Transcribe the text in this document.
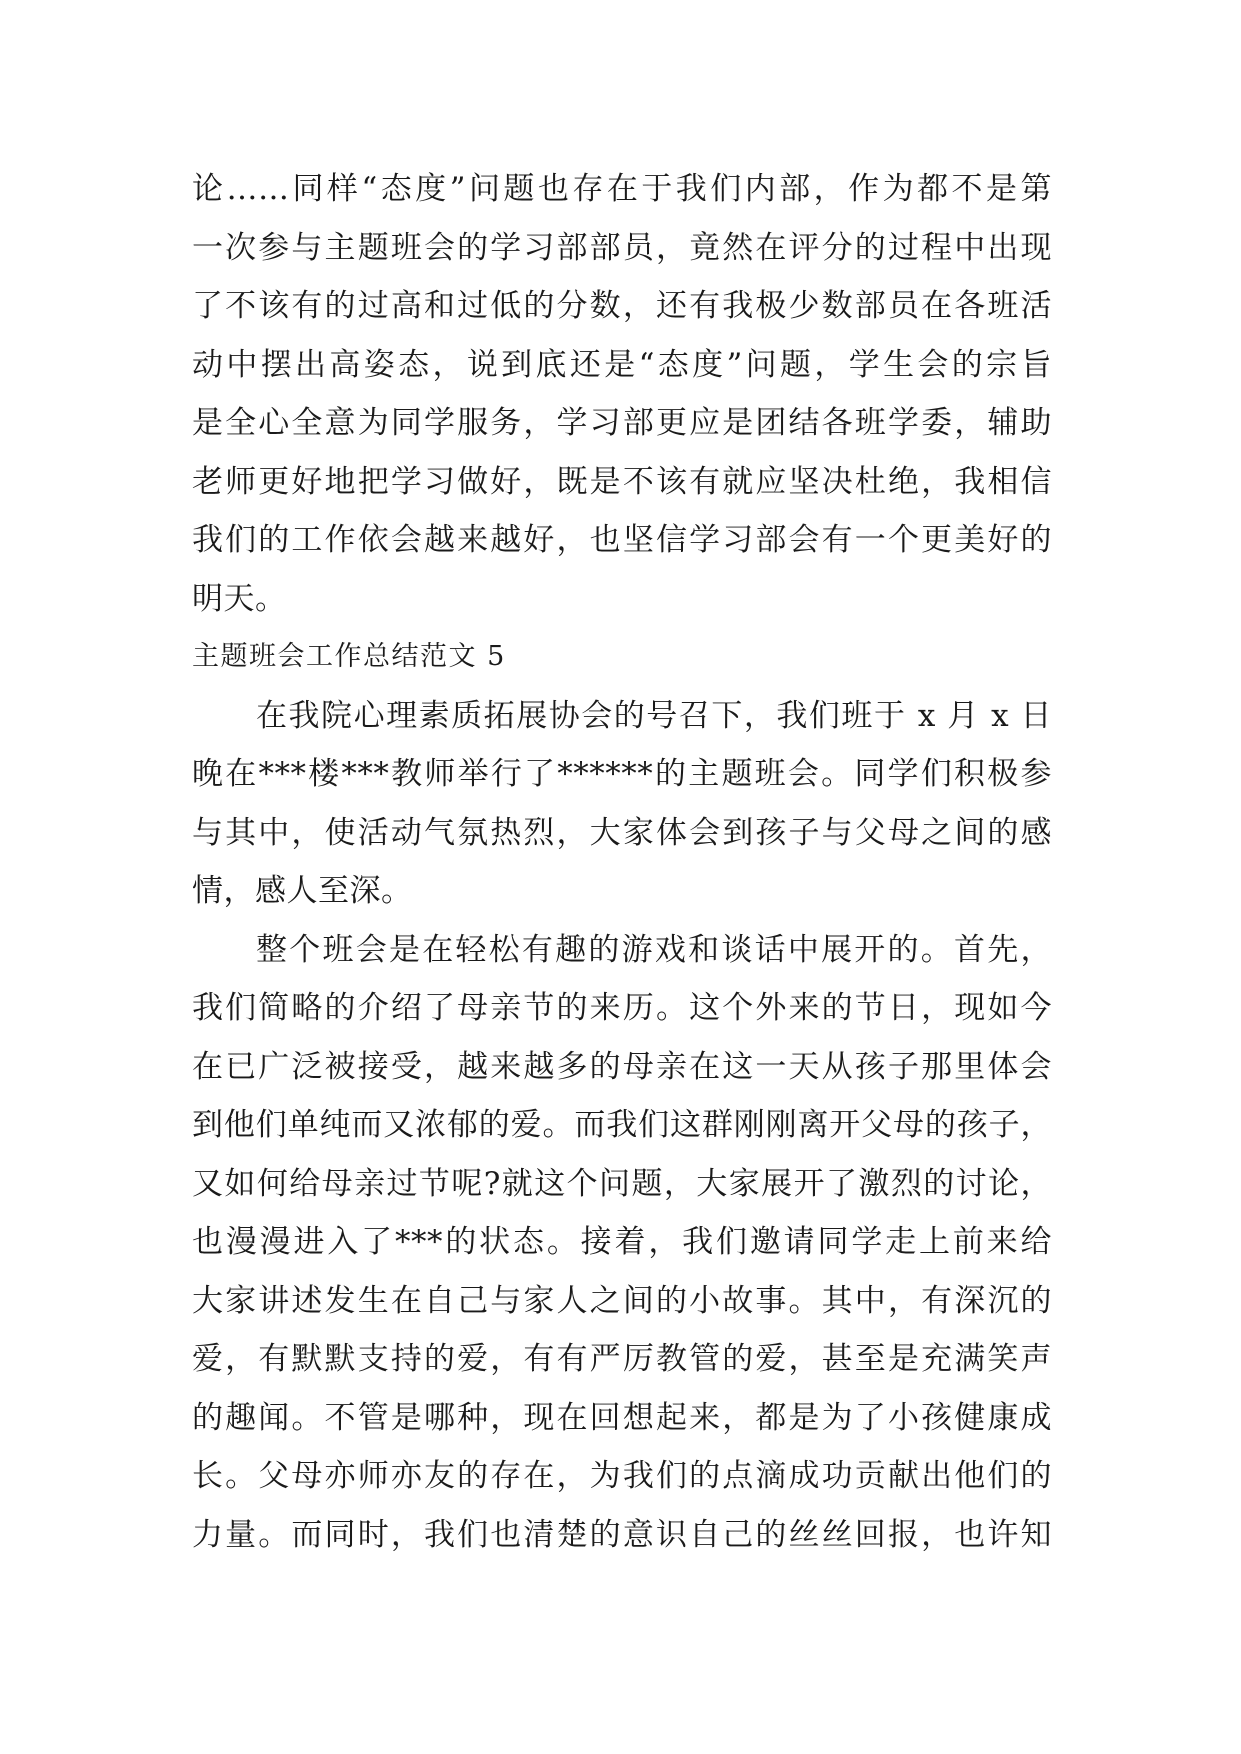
论……同样“态度”问题也存在于我们内部，作为都不是第
一次参与主题班会的学习部部员，竟然在评分的过程中出现
了不该有的过高和过低的分数，还有我极少数部员在各班活
动中摆出高姿态，说到底还是“态度”问题，学生会的宗旨
是全心全意为同学服务，学习部更应是团结各班学委，辅助
老师更好地把学习做好，既是不该有就应坚决杜绝，我相信
我们的工作依会越来越好，也坚信学习部会有一个更美好的
明天。
主题班会工作总结范文 5
在我院心理素质拓展协会的号召下，我们班于 x 月 x 日
晚在***楼***教师举行了******的主题班会。同学们积极参
与其中，使活动气氛热烈，大家体会到孩子与父母之间的感
情，感人至深。
整个班会是在轻松有趣的游戏和谈话中展开的。首先，
我们简略的介绍了母亲节的来历。这个外来的节日，现如今
在已广泛被接受，越来越多的母亲在这一天从孩子那里体会
到他们单纯而又浓郁的爱。而我们这群刚刚离开父母的孩子，
又如何给母亲过节呢?就这个问题，大家展开了激烈的讨论，
也漫漫进入了***的状态。接着，我们邀请同学走上前来给
大家讲述发生在自己与家人之间的小故事。其中，有深沉的
爱，有默默支持的爱，有有严厉教管的爱，甚至是充满笑声
的趣闻。不管是哪种，现在回想起来，都是为了小孩健康成
长。父母亦师亦友的存在，为我们的点滴成功贡献出他们的
力量。而同时，我们也清楚的意识自己的丝丝回报，也许知
